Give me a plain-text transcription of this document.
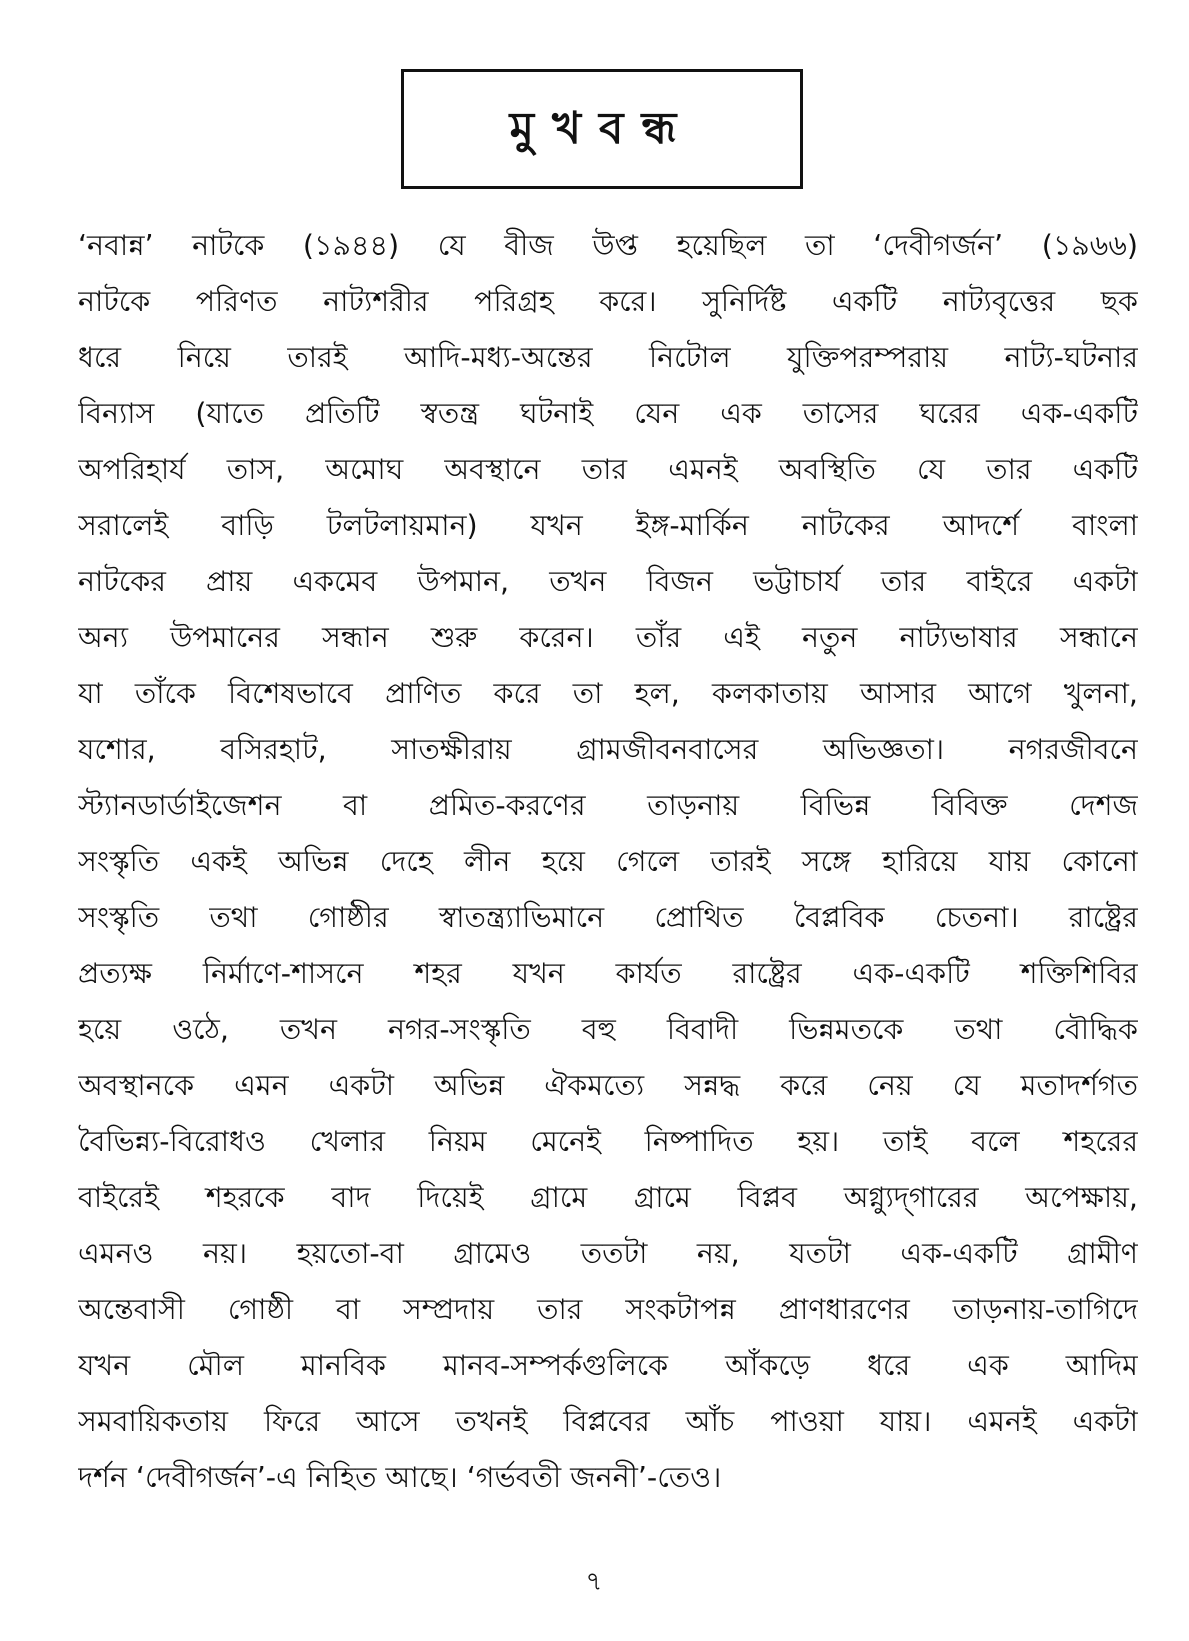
মুখবন্ধ
‘নবান্ন’ নাটকে (১৯৪৪) যে বীজ উপ্ত হয়েছিল তা ‘দেবীগর্জন’ (১৯৬৬)
নাটকে পরিণত নাট্যশরীর পরিগ্রহ করে। সুনির্দিষ্ট একটি নাট্যবৃত্তের ছক
ধরে নিয়ে তারই আদি-মধ্য-অন্তের নিটোল যুক্তিপরম্পরায় নাট্য-ঘটনার
বিন্যাস (যাতে প্রতিটি স্বতন্ত্র ঘটনাই যেন এক তাসের ঘরের এক-একটি
অপরিহার্য তাস, অমোঘ অবস্থানে তার এমনই অবস্থিতি যে তার একটি
সরালেই বাড়ি টলটলায়মান) যখন ইঙ্গ-মার্কিন নাটকের আদর্শে বাংলা
নাটকের প্রায় একমেব উপমান, তখন বিজন ভট্টাচার্য তার বাইরে একটা
অন্য উপমানের সন্ধান শুরু করেন। তাঁর এই নতুন নাট্যভাষার সন্ধানে
যা তাঁকে বিশেষভাবে প্রাণিত করে তা হল, কলকাতায় আসার আগে খুলনা,
যশোর, বসিরহাট, সাতক্ষীরায় গ্রামজীবনবাসের অভিজ্ঞতা। নগরজীবনে
স্ট্যানডার্ডাইজেশন বা প্রমিত-করণের তাড়নায় বিভিন্ন বিবিক্ত দেশজ
সংস্কৃতি একই অভিন্ন দেহে লীন হয়ে গেলে তারই সঙ্গে হারিয়ে যায় কোনো
সংস্কৃতি তথা গোষ্ঠীর স্বাতন্ত্র্যাভিমানে প্রোথিত বৈপ্লবিক চেতনা। রাষ্ট্রের
প্রত্যক্ষ নির্মাণে-শাসনে শহর যখন কার্যত রাষ্ট্রের এক-একটি শক্তিশিবির
হয়ে ওঠে, তখন নগর-সংস্কৃতি বহু বিবাদী ভিন্নমতকে তথা বৌদ্ধিক
অবস্থানকে এমন একটা অভিন্ন ঐকমত্যে সন্নদ্ধ করে নেয় যে মতাদর্শগত
বৈভিন্ন্য-বিরোধও খেলার নিয়ম মেনেই নিষ্পাদিত হয়। তাই বলে শহরের
বাইরেই শহরকে বাদ দিয়েই গ্রামে গ্রামে বিপ্লব অগ্ন্যুদ্‌গারের অপেক্ষায়,
এমনও নয়। হয়তো-বা গ্রামেও ততটা নয়, যতটা এক-একটি গ্রামীণ
অন্তেবাসী গোষ্ঠী বা সম্প্রদায় তার সংকটাপন্ন প্রাণধারণের তাড়নায়-তাগিদে
যখন মৌল মানবিক মানব-সম্পর্কগুলিকে আঁকড়ে ধরে এক আদিম
সমবায়িকতায় ফিরে আসে তখনই বিপ্লবের আঁচ পাওয়া যায়। এমনই একটা
দর্শন ‘দেবীগর্জন’-এ নিহিত আছে। ‘গর্ভবতী জননী’-তেও।
৭
